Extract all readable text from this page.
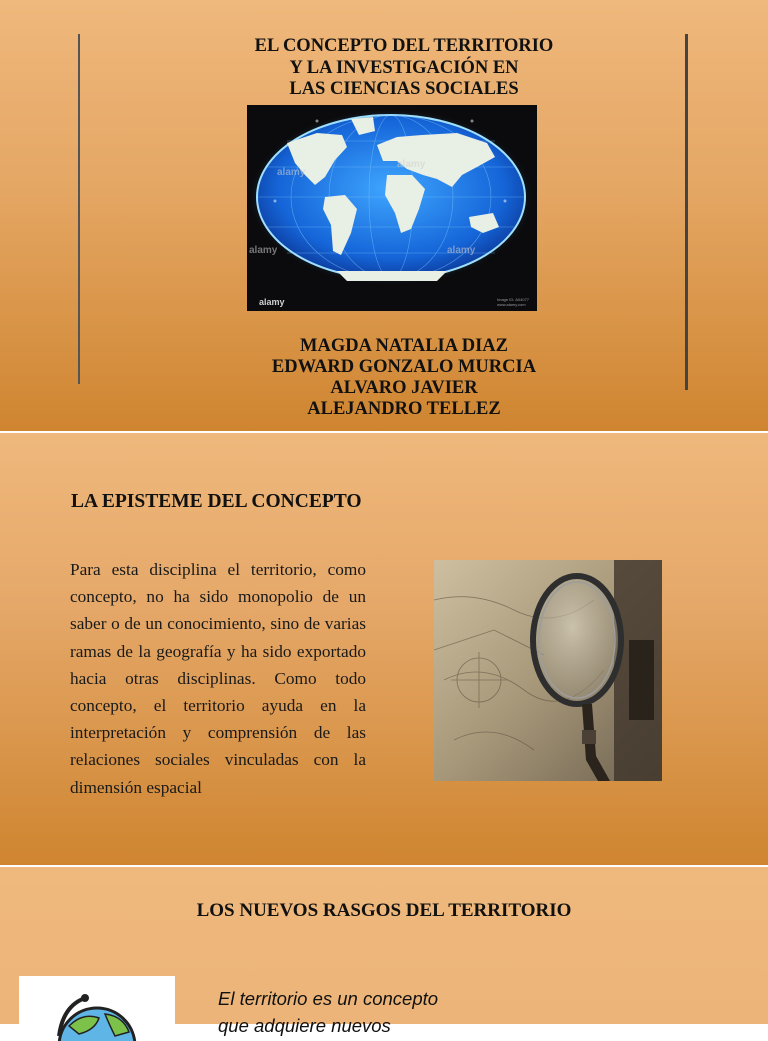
EL CONCEPTO DEL TERRITORIO
Y LA INVESTIGACIÓN EN
LAS CIENCIAS SOCIALES
alamy
alamy
alamy	alamy
alamy	Image ID: A04077
www.alamy.com
MAGDA NATALIA DIAZ
EDWARD GONZALO MURCIA
ALVARO JAVIER
ALEJANDRO TELLEZ
LA EPISTEME DEL CONCEPTO

Para esta disciplina el territorio, como concepto, no ha sido monopolio de un saber o de un conocimiento, sino de varias ramas de la geografía y ha sido exportado hacia otras disciplinas. Como todo concepto, el territorio ayuda en la interpretación y comprensión de las relaciones sociales vinculadas con la dimensión espacial

LOS NUEVOS RASGOS DEL TERRITORIO
El territorio es un concepto
que adquiere nuevos
